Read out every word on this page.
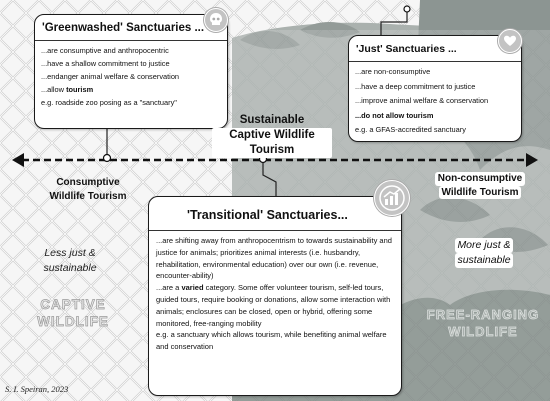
'Greenwashed' Sanctuaries ...
...are consumptive and anthropocentric
...have a shallow commitment to justice
...endanger animal welfare & conservation
...allow tourism
e.g. roadside zoo posing as a "sanctuary"
'Just' Sanctuaries ...
...are non-consumptive
...have a deep commitment to justice
...improve animal welfare & conservation
...do not allow tourism
e.g. a GFAS-accredited sanctuary
Sustainable
Captive Wildlife Tourism
Consumptive
Wildlife Tourism
Non-consumptive Wildlife Tourism
'Transitional' Sanctuaries...
...are shifting away from anthropocentrism to towards sustainability and justice for animals; prioritizes animal interests (i.e. husbandry, rehabilitation, environmental education) over our own (i.e. revenue, encounter-ability)
...are a varied category. Some offer volunteer tourism, self-led tours, guided tours, require booking or donations, allow some interaction with animals; enclosures can be closed, open or hybrid, offering some monitored, free-ranging mobility
e.g. a sanctuary which allows tourism, while benefiting animal welfare and conservation
Less just &
sustainable
More just & sustainable
CAPTIVE
WILDLIFE	FREE-RANGING
WILDLIFE
S. I. Speiran, 2023
